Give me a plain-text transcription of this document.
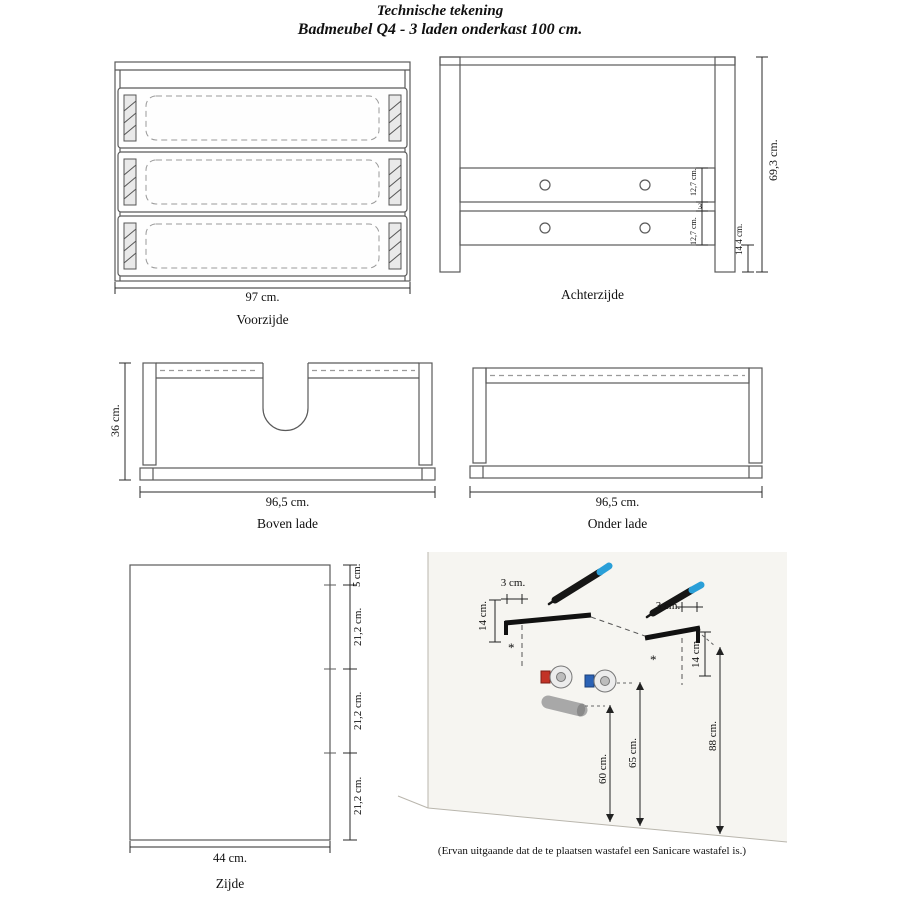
Technische tekening
Badmeubel Q4 - 3 laden onderkast 100 cm.
97 cm.
Voorzijde
Achterzijde
69,3 cm.
12,7 cm.
3
12,7 cm.	14,4 cm.
36 cm.
96,5 cm.
Boven lade
96,5 cm.
Onder lade
5 cm.
21,2 cm.
21,2 cm.
21,2 cm.
44 cm.
Zijde
3 cm.
3 cm.
14 cm.
14 cm.
60 cm.
65 cm.
88 cm.
*
*
(Ervan uitgaande dat de te plaatsen wastafel een Sanicare wastafel is.)
